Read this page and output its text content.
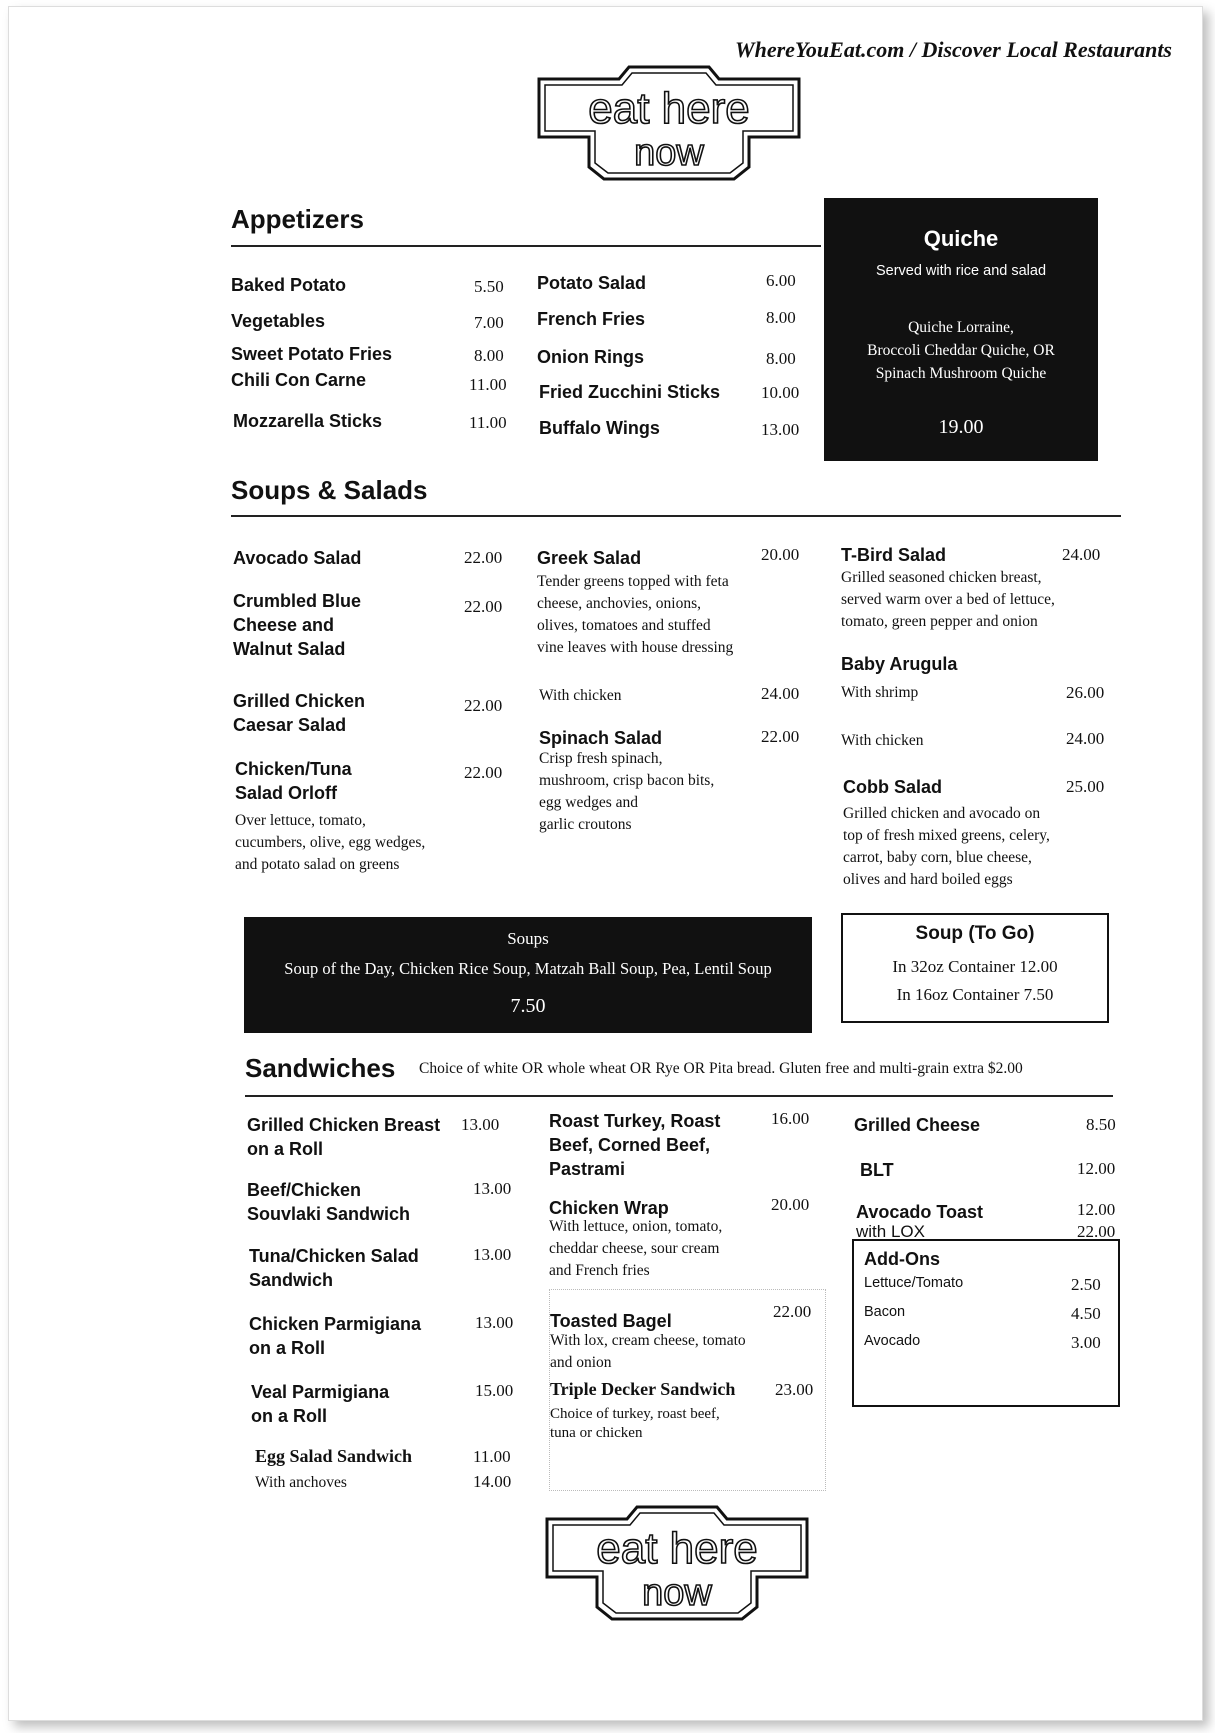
WhereYouEat.com / Discover Local Restaurants
eat here
now
Appetizers
Baked Potato	5.50
Vegetables	7.00
Sweet Potato Fries	8.00
Chili Con Carne	11.00
Mozzarella Sticks	11.00
Potato Salad	6.00
French Fries	8.00
Onion Rings	8.00
Fried Zucchini Sticks 10.00
Buffalo Wings	13.00
Quiche
Served with rice and salad
Quiche Lorraine,
Broccoli Cheddar Quiche, OR
Spinach Mushroom Quiche
19.00
Soups & Salads
Avocado Salad	22.00
Crumbled Blue
Cheese and
Walnut Salad
22.00
Grilled Chicken
Caesar Salad
22.00
Chicken/Tuna
Salad Orloff
22.00
Over lettuce, tomato,
cucumbers, olive, egg wedges,
and potato salad on greens
Greek Salad	20.00
Tender greens topped with feta
cheese, anchovies, onions,
olives, tomatoes and stuffed
vine leaves with house dressing
With chicken	24.00
Spinach Salad	22.00
Crisp fresh spinach,
mushroom, crisp bacon bits,
egg wedges and
garlic croutons
T-Bird Salad	24.00
Grilled seasoned chicken breast,
served warm over a bed of lettuce,
tomato, green pepper and onion
Baby Arugula
With shrimp	26.00
With chicken	24.00
Cobb Salad	25.00
Grilled chicken and avocado on
top of fresh mixed greens, celery,
carrot, baby corn, blue cheese,
olives and hard boiled eggs
Soups
Soup of the Day, Chicken Rice Soup, Matzah Ball Soup, Pea, Lentil Soup
7.50
Soup (To Go)
In 32oz Container 12.00
In 16oz Container 7.50
Sandwiches Choice of white OR whole wheat OR Rye OR Pita bread. Gluten free and multi-grain extra $2.00
Grilled Chicken Breast
on a Roll
13.00
Beef/Chicken
Souvlaki Sandwich
13.00
Tuna/Chicken Salad
Sandwich
13.00
Chicken Parmigiana
on a Roll
13.00
Veal Parmigiana
on a Roll
15.00
Egg Salad Sandwich	11.00
With anchoves	14.00
Roast Turkey, Roast
Beef, Corned Beef,
Pastrami
16.00
Chicken Wrap	20.00
With lettuce, onion, tomato,
cheddar cheese, sour cream
and French fries
Toasted Bagel	22.00
With lox, cream cheese, tomato
and onion
Triple Decker Sandwich 23.00
Choice of turkey, roast beef,
tuna or chicken
Grilled Cheese	8.50
BLT	12.00
Avocado Toast	12.00
with LOX	22.00
Add-Ons
Lettuce/Tomato	2.50
Bacon	4.50
Avocado	3.00
eat here
now
